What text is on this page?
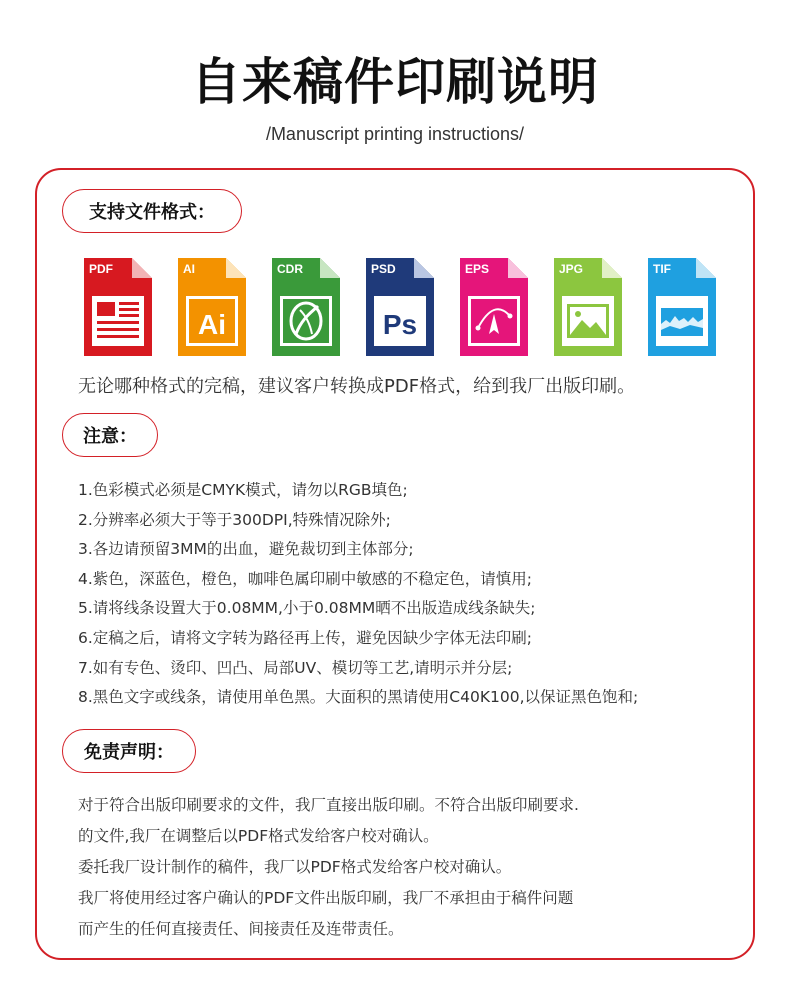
自来稿件印刷说明
/Manuscript printing instructions/
支持文件格式：
PDF	AI
Ai
CDR	PSD
Ps
EPS	JPG	TIF
无论哪种格式的完稿，建议客户转换成PDF格式，给到我厂出版印刷。
注意：
1.色彩模式必须是CMYK模式，请勿以RGB填色;
2.分辨率必须大于等于300DPI,特殊情况除外;
3.各边请预留3MM的出血，避免裁切到主体部分;
4.紫色，深蓝色，橙色，咖啡色属印刷中敏感的不稳定色，请慎用;
5.请将线条设置大于0.08MM,小于0.08MM晒不出版造成线条缺失;
6.定稿之后，请将文字转为路径再上传，避免因缺少字体无法印刷;
7.如有专色、烫印、凹凸、局部UV、模切等工艺,请明示并分层;
8.黑色文字或线条，请使用单色黑。大面积的黑请使用C40K100,以保证黑色饱和;
免责声明：
对于符合出版印刷要求的文件，我厂直接出版印刷。不符合出版印刷要求.
的文件,我厂在调整后以PDF格式发给客户校对确认。
委托我厂设计制作的稿件，我厂以PDF格式发给客户校对确认。
我厂将使用经过客户确认的PDF文件出版印刷，我厂不承担由于稿件问题
而产生的任何直接责任、间接责任及连带责任。
